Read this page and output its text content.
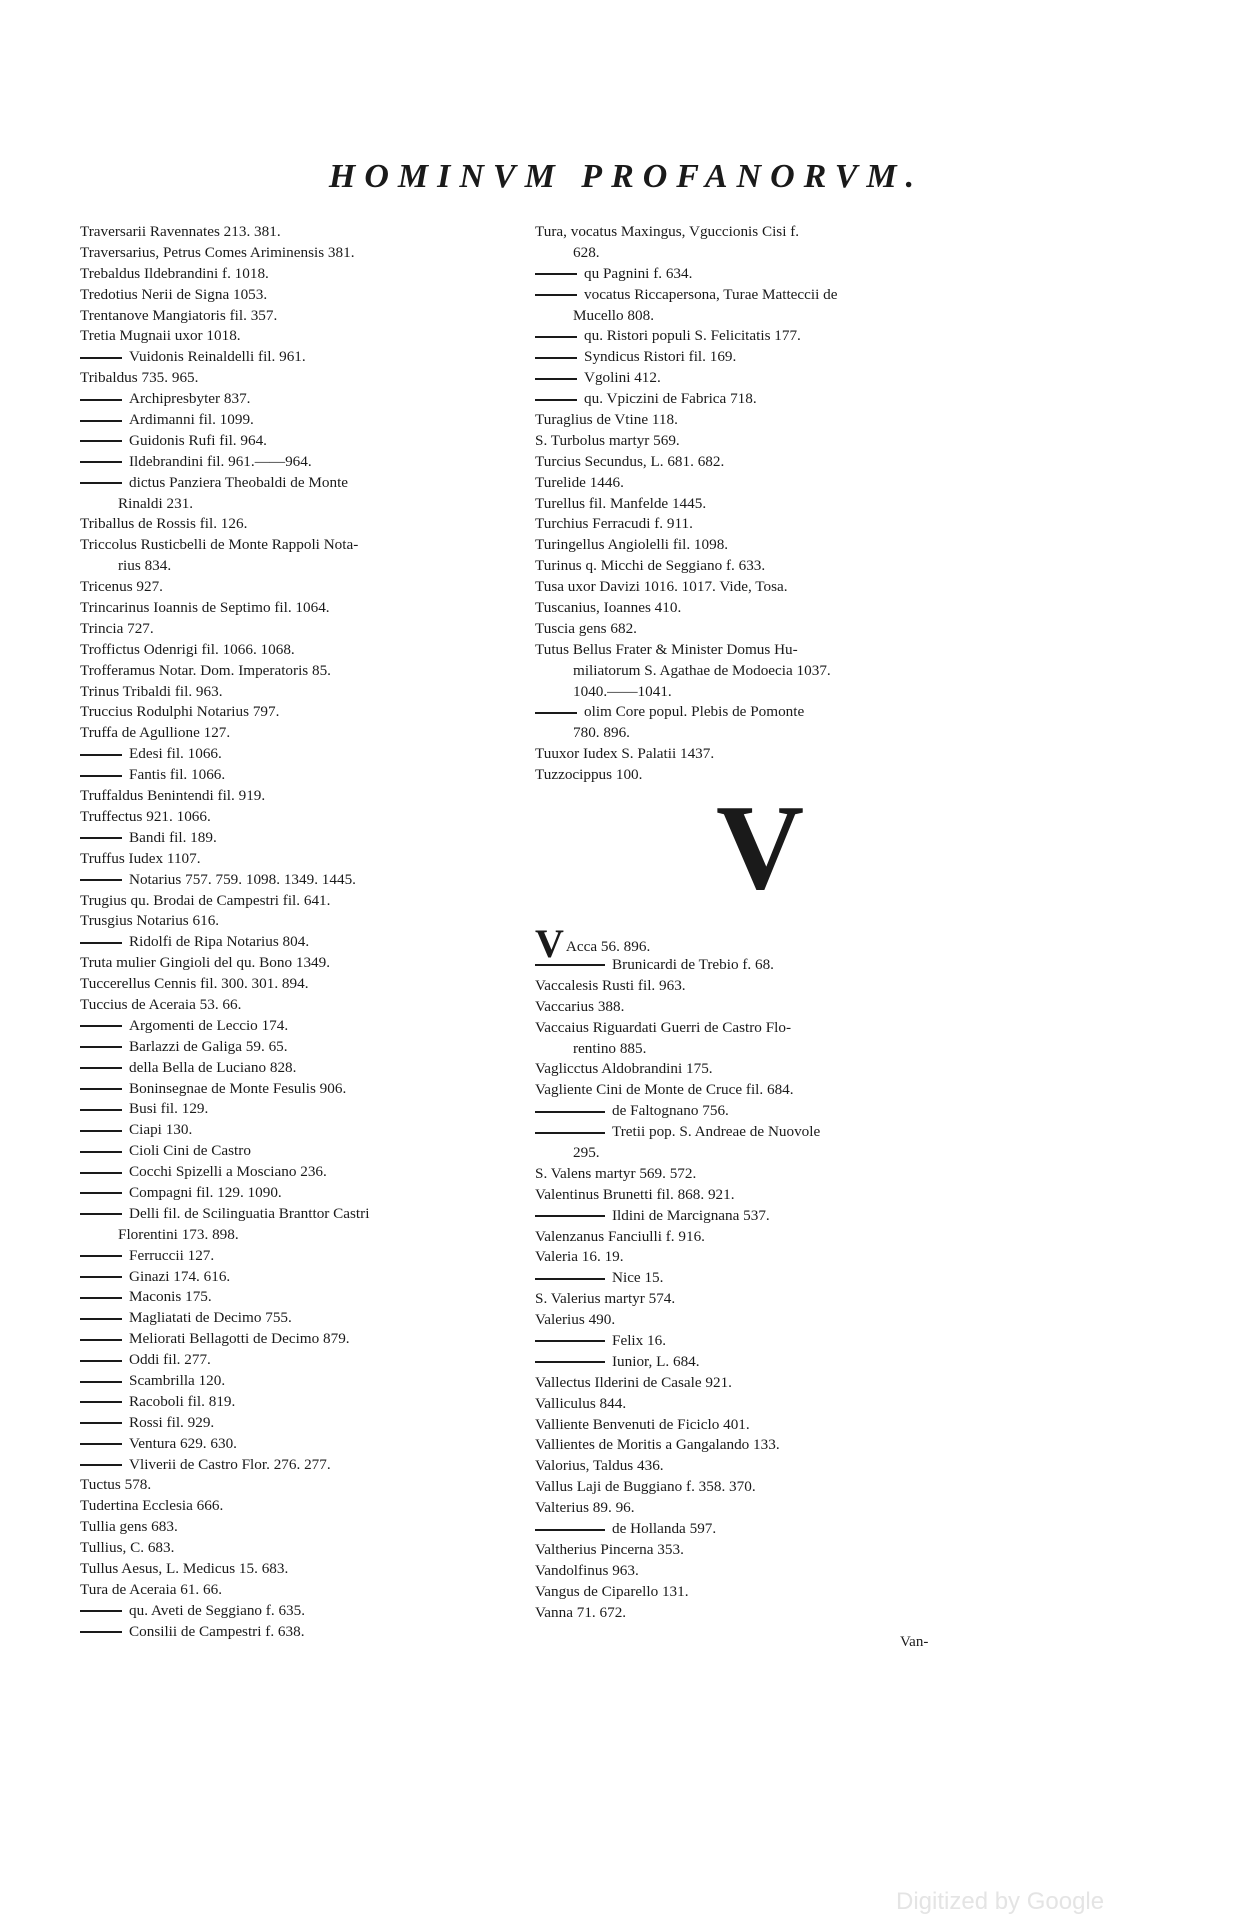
HOMINVM PROFANORVM.
Traversarii Ravennates 213. 381.
Traversarius, Petrus Comes Ariminensis 381.
Trebaldus Ildebrandini f. 1018.
Tredotius Nerii de Signa 1053.
Trentanove Mangiatoris fil. 357.
Tretia Mugnaii uxor 1018.
Vuidonis Reinaldelli fil. 961.
Tribaldus 735. 965.
Archipresbyter 837.
Ardimanni fil. 1099.
Guidonis Rufi fil. 964.
Ildebrandini fil. 961.——964.
dictus Panziera Theobaldi de Monte
Rinaldi 231.
Triballus de Rossis fil. 126.
Triccolus Rusticbelli de Monte Rappoli Nota-
rius 834.
Tricenus 927.
Trincarinus Ioannis de Septimo fil. 1064.
Trincia 727.
Troffictus Odenrigi fil. 1066. 1068.
Trofferamus Notar. Dom. Imperatoris 85.
Trinus Tribaldi fil. 963.
Truccius Rodulphi Notarius 797.
Truffa de Agullione 127.
Edesi fil. 1066.
Fantis fil. 1066.
Truffaldus Benintendi fil. 919.
Truffectus 921. 1066.
Bandi fil. 189.
Truffus Iudex 1107.
Notarius 757. 759. 1098. 1349. 1445.
Trugius qu. Brodai de Campestri fil. 641.
Trusgius Notarius 616.
Ridolfi de Ripa Notarius 804.
Truta mulier Gingioli del qu. Bono 1349.
Tuccerellus Cennis fil. 300. 301. 894.
Tuccius de Aceraia 53. 66.
Argomenti de Leccio 174.
Barlazzi de Galiga 59. 65.
della Bella de Luciano 828.
Boninsegnae de Monte Fesulis 906.
Busi fil. 129.
Ciapi 130.
Cioli Cini de Castro
Cocchi Spizelli a Mosciano 236.
Compagni fil. 129. 1090.
Delli fil. de Scilinguatia Branttor Castri
Florentini 173. 898.
Ferruccii 127.
Ginazi 174. 616.
Maconis 175.
Magliatati de Decimo 755.
Meliorati Bellagotti de Decimo 879.
Oddi fil. 277.
Scambrilla 120.
Racoboli fil. 819.
Rossi fil. 929.
Ventura 629. 630.
Vliverii de Castro Flor. 276. 277.
Tuctus 578.
Tudertina Ecclesia 666.
Tullia gens 683.
Tullius, C. 683.
Tullus Aesus, L. Medicus 15. 683.
Tura de Aceraia 61. 66.
qu. Aveti de Seggiano f. 635.
Consilii de Campestri f. 638.
Tura, vocatus Maxingus, Vguccionis Cisi f.
628.
qu Pagnini f. 634.
vocatus Riccapersona, Turae Matteccii de
Mucello 808.
qu. Ristori populi S. Felicitatis 177.
Syndicus Ristori fil. 169.
Vgolini 412.
qu. Vpiczini de Fabrica 718.
Turaglius de Vtine 118.
S. Turbolus martyr 569.
Turcius Secundus, L. 681. 682.
Turelide 1446.
Turellus fil. Manfelde 1445.
Turchius Ferracudi f. 911.
Turingellus Angiolelli fil. 1098.
Turinus q. Micchi de Seggiano f. 633.
Tusa uxor Davizi 1016. 1017. Vide, Tosa.
Tuscanius, Ioannes 410.
Tuscia gens 682.
Tutus Bellus Frater & Minister Domus Hu-
miliatorum S. Agathae de Modoecia 1037.
1040.——1041.
olim Core popul. Plebis de Pomonte
780. 896.
Tuuxor Iudex S. Palatii 1437.
Tuzzocippus 100.
V
V Acca 56. 896.
Brunicardi de Trebio f. 68.
Vaccalesis Rusti fil. 963.
Vaccarius 388.
Vaccaius Riguardati Guerri de Castro Flo-
rentino 885.
Vaglicctus Aldobrandini 175.
Vagliente Cini de Monte de Cruce fil. 684.
de Faltognano 756.
Tretii pop. S. Andreae de Nuovole
295.
S. Valens martyr 569. 572.
Valentinus Brunetti fil. 868. 921.
Ildini de Marcignana 537.
Valenzanus Fanciulli f. 916.
Valeria 16. 19.
Nice 15.
S. Valerius martyr 574.
Valerius 490.
Felix 16.
Iunior, L. 684.
Vallectus Ilderini de Casale 921.
Valliculus 844.
Valliente Benvenuti de Ficiclo 401.
Vallientes de Moritis a Gangalando 133.
Valorius, Taldus 436.
Vallus Laji de Buggiano f. 358. 370.
Valterius 89. 96.
de Hollanda 597.
Valtherius Pincerna 353.
Vandolfinus 963.
Vangus de Ciparello 131.
Vanna 71. 672.
Van-
Digitized by Google
